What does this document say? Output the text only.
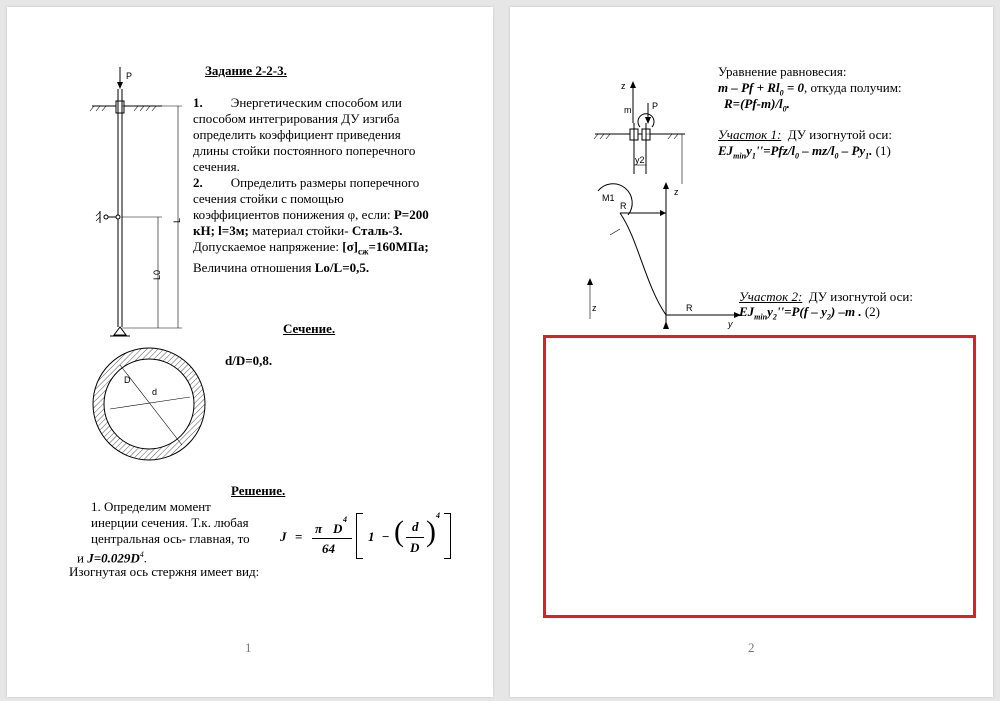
P
L
L0
Задание 2-2-3.
1. Энергетическим способом или способом интегрирования ДУ изгиба определить коэффициент приведения длины стойки постоянного поперечного сечения.
2. Определить размеры поперечного сечения стойки с помощью коэффициентов понижения φ, если: P=200 кН; l=3м; материал стойки- Сталь-3. Допускаемое напряжение: $[\sigma]_{сж}=160МПа$; Величина отношения Lo/L=0,5.
Сечение.
D
d
d/D=0,8.
Решение.
1. Определим момент
инерции сечения. Т.к. любая
центральная ось- главная, то
и $J=0.029D^4$.
Изогнутая ось стержня имеет вид:
J =
π D
4
64
1 − ( d
D ) 4
1
z
m P
y2
z
M1
R
z	R
y
Уравнение равновесия:
$m - Pf + Rl_0 = 0$, откуда получим:
$R=(Pf-m)/l_0$.
Участок 1: ДУ изогнутой оси:
$EJ_{min}y_1''=Pfz/l_0 - mz/l_0 - Py_1$. (1)
Участок 2: ДУ изогнутой оси:
$EJ_{min}y_2''=P(f - y_2)$ –m . (2)
2
